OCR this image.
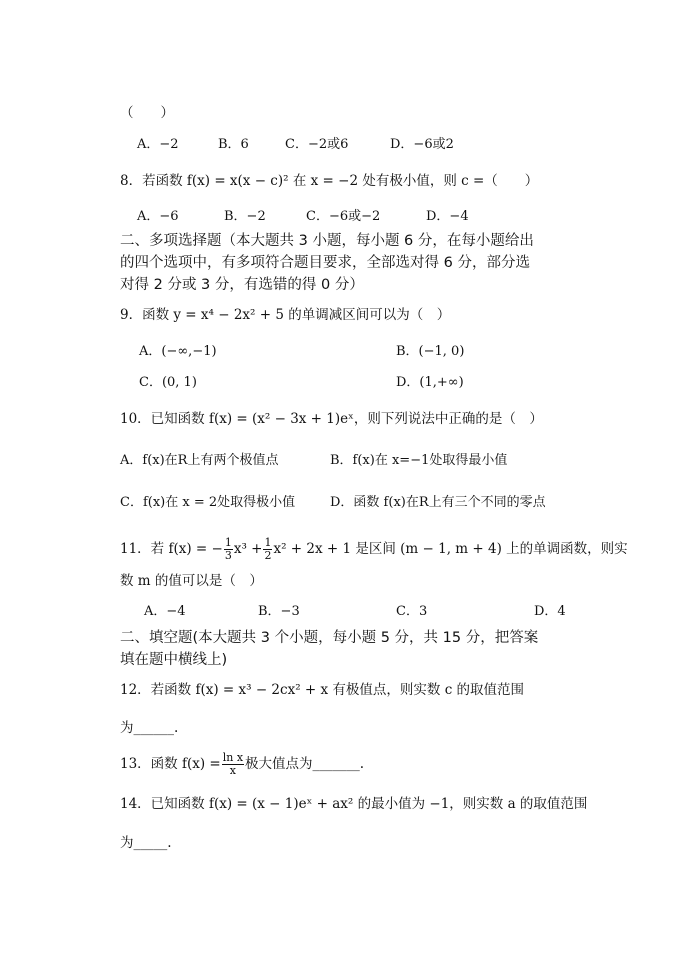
（　　）
A．−2	B．6	C．−2或6	D．−6或2
8．若函数 f(x) = x(x − c)² 在 x = −2 处有极小值，则 c =（　　）
A．−6	B．−2	C．−6或−2	D．−4
二、多项选择题（本大题共 3 小题，每小题 6 分，在每小题给出
的四个选项中，有多项符合题目要求，全部选对得 6 分，部分选
对得 2 分或 3 分，有选错的得 0 分）
9．函数 y = x⁴ − 2x² + 5 的单调减区间可以为（　）
A．(−∞,−1)	B．(−1, 0)
C．(0, 1)	D．(1,+∞)
10．已知函数 f(x) = (x² − 3x + 1)eˣ，则下列说法中正确的是（　）
A．f(x)在R上有两个极值点	B．f(x)在 x=−1处取得最小值
C．f(x)在 x = 2处取得极小值	D．函数 f(x)在R上有三个不同的零点
11．若 f(x) = − $\frac{1}{3} x^3 + \frac{1}{2} x^2 + 2x + 1$ 是区间 (m − 1, m + 4) 上的单调函数，则实
数 m 的值可以是（　）
A．−4	B．−3	C．3	D．4
二、填空题(本大题共 3 个小题，每小题 5 分，共 15 分，把答案
填在题中横线上)
12．若函数 f(x) = x³ − 2cx² + x 有极值点，则实数 c 的取值范围
为______.
13．函数 $f(x) = \frac{\text{ln x}}{x}$ 极大值点为_______.
14．已知函数 f(x) = (x − 1)eˣ + ax² 的最小值为 −1，则实数 a 的取值范围
为_____.
